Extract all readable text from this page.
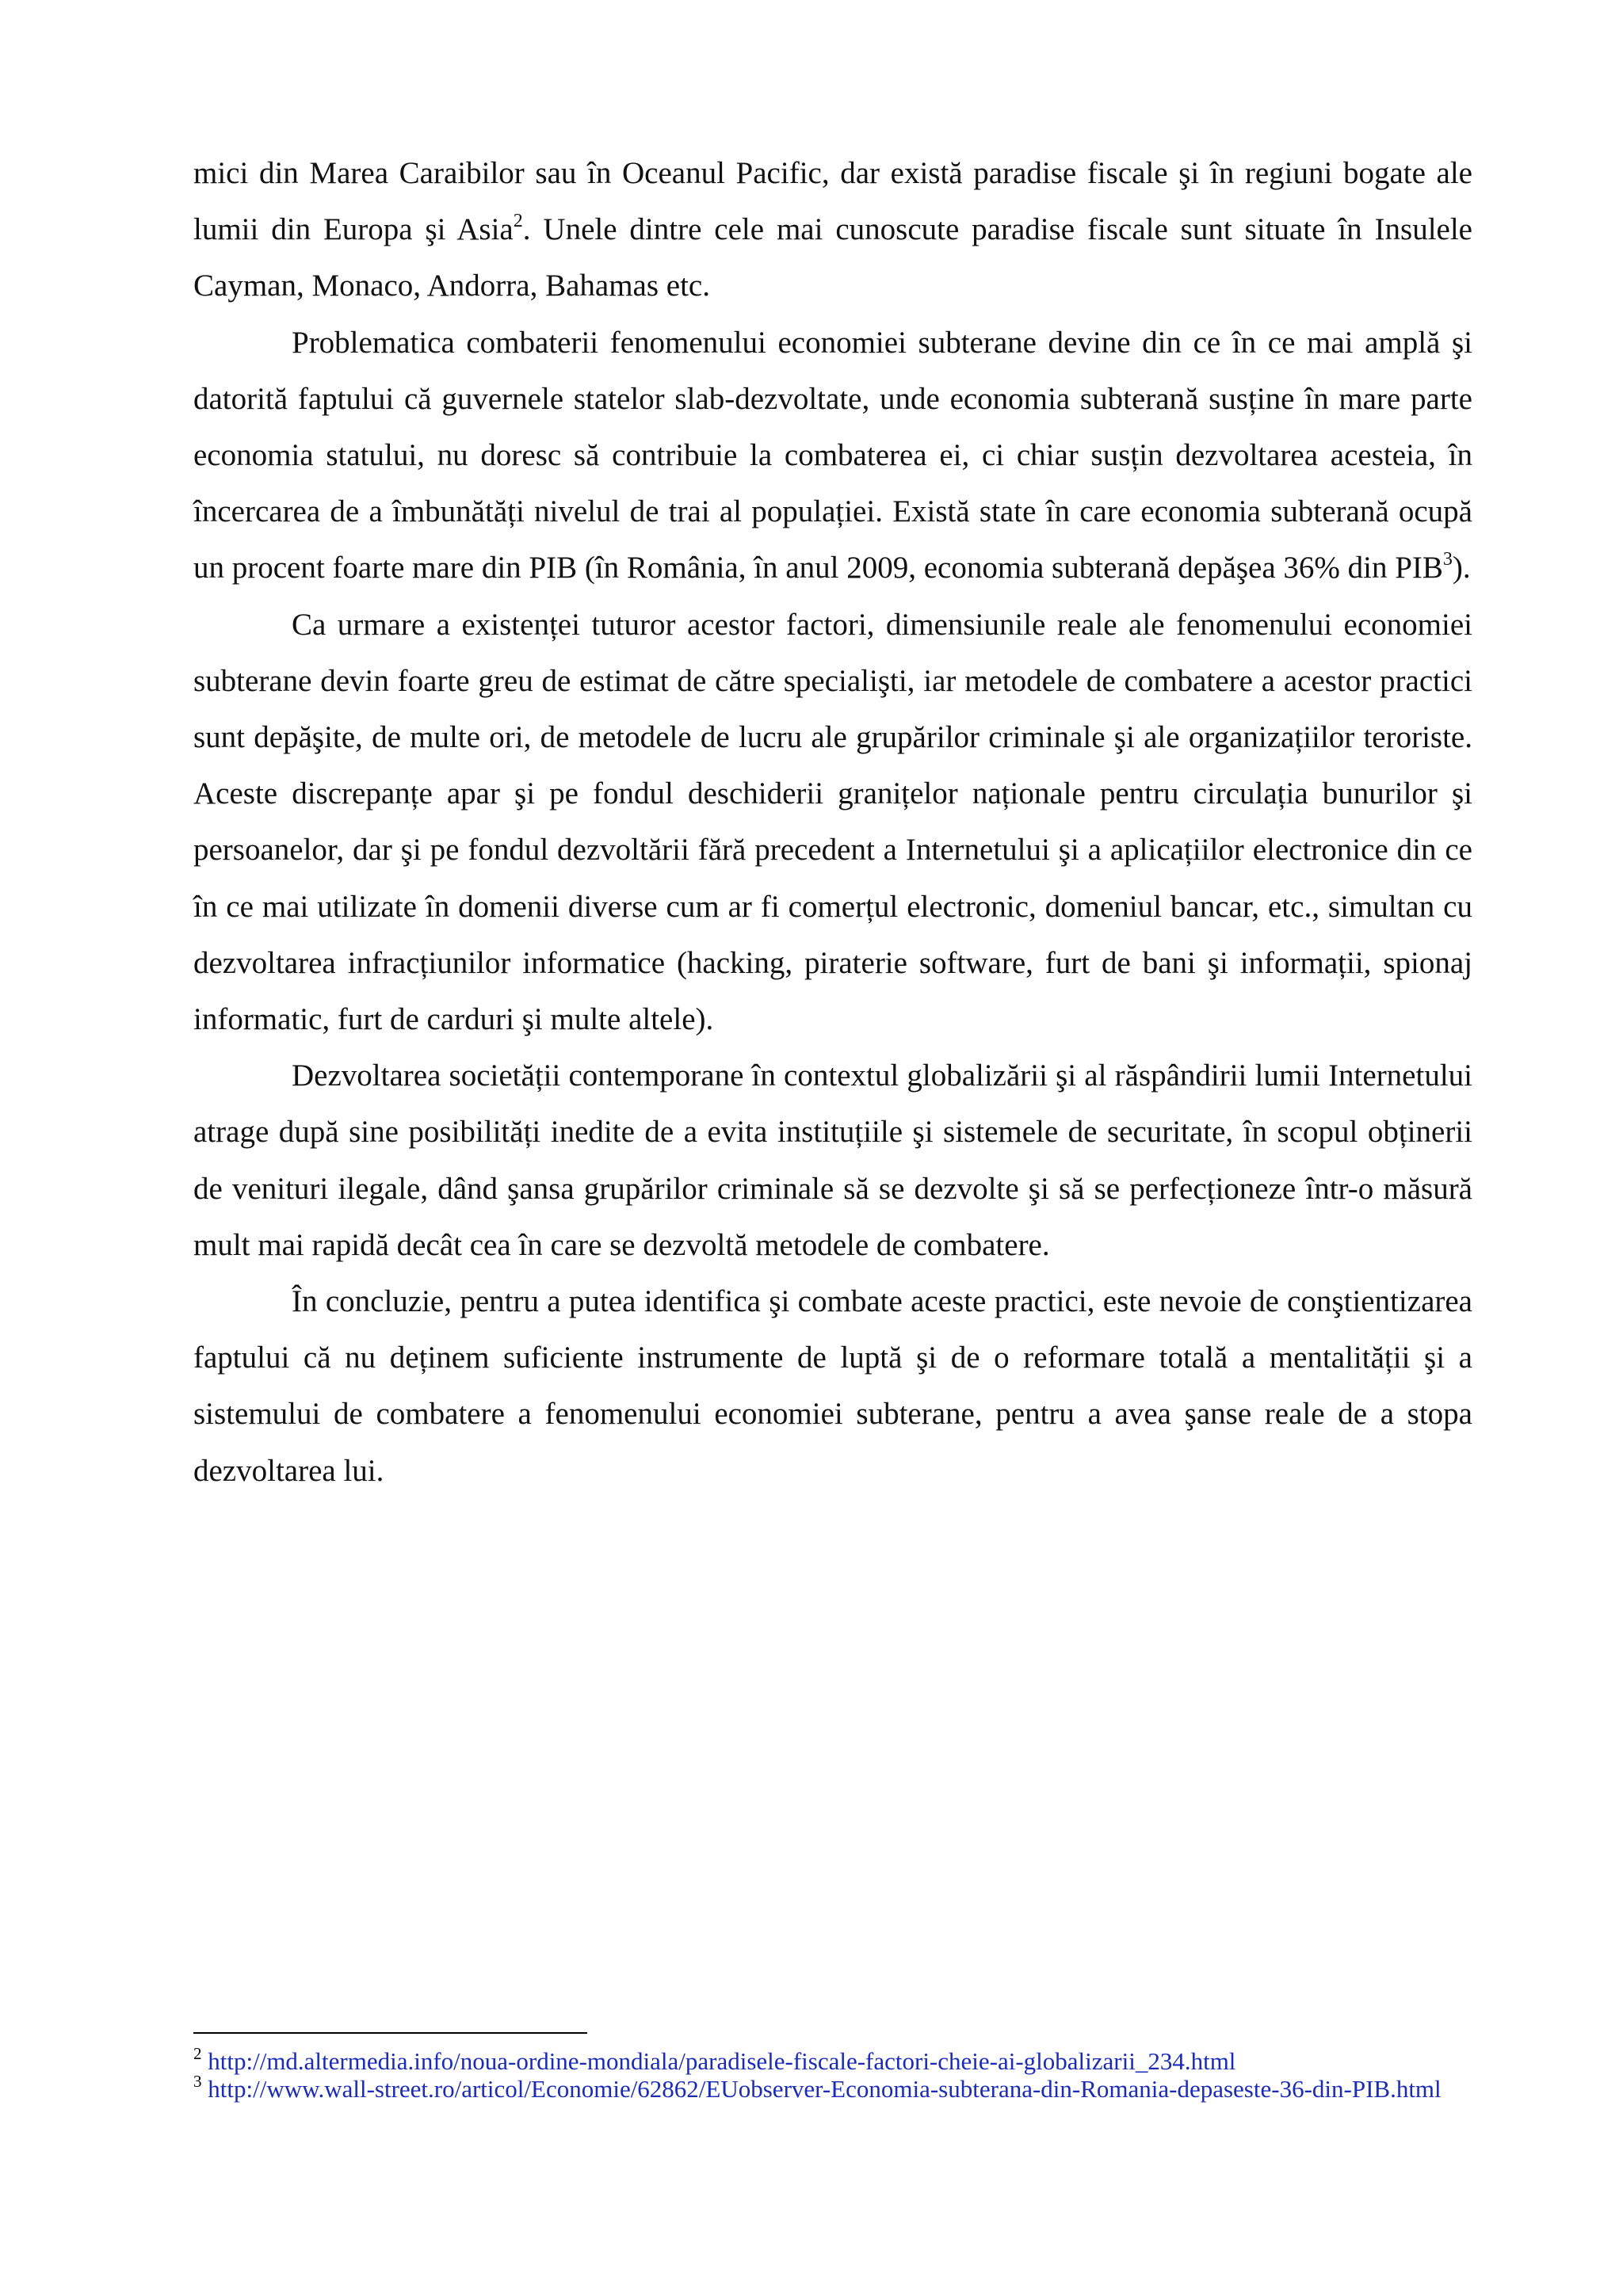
mici din Marea Caraibilor sau în Oceanul Pacific, dar există paradise fiscale şi în regiuni bogate ale lumii din Europa şi Asia$^2$. Unele dintre cele mai cunoscute paradise fiscale sunt situate în Insulele Cayman, Monaco, Andorra, Bahamas etc.

Problematica combaterii fenomenului economiei subterane devine din ce în ce mai amplă şi datorită faptului că guvernele statelor slab-dezvoltate, unde economia subterană susține în mare parte economia statului, nu doresc să contribuie la combaterea ei, ci chiar susțin dezvoltarea acesteia, în încercarea de a îmbunătăți nivelul de trai al populației. Există state în care economia subterană ocupă un procent foarte mare din PIB (în România, în anul 2009, economia subterană depăşea 36% din PIB$^3$).

Ca urmare a existenței tuturor acestor factori, dimensiunile reale ale fenomenului economiei subterane devin foarte greu de estimat de către specialişti, iar metodele de combatere a acestor practici sunt depăşite, de multe ori, de metodele de lucru ale grupărilor criminale şi ale organizațiilor teroriste. Aceste discrepanțe apar şi pe fondul deschiderii granițelor naționale pentru circulația bunurilor şi persoanelor, dar şi pe fondul dezvoltării fără precedent a Internetului şi a aplicațiilor electronice din ce în ce mai utilizate în domenii diverse cum ar fi comerțul electronic, domeniul bancar, etc., simultan cu dezvoltarea infracțiunilor informatice (hacking, piraterie software, furt de bani şi informații, spionaj informatic, furt de carduri şi multe altele).

Dezvoltarea societății contemporane în contextul globalizării şi al răspândirii lumii Internetului atrage după sine posibilități inedite de a evita instituțiile şi sistemele de securitate, în scopul obținerii de venituri ilegale, dând şansa grupărilor criminale să se dezvolte şi să se perfecționeze într-o măsură mult mai rapidă decât cea în care se dezvoltă metodele de combatere.

În concluzie, pentru a putea identifica şi combate aceste practici, este nevoie de conştientizarea faptului că nu deținem suficiente instrumente de luptă şi de o reformare totală a mentalității şi a sistemului de combatere a fenomenului economiei subterane, pentru a avea şanse reale de a stopa dezvoltarea lui.

$^2$ http://md.altermedia.info/noua-ordine-mondiala/paradisele-fiscale-factori-cheie-ai-globalizarii_234.html
$^3$ http://www.wall-street.ro/articol/Economie/62862/EUobserver-Economia-subterana-din-Romania-depaseste-36-din-PIB.html
